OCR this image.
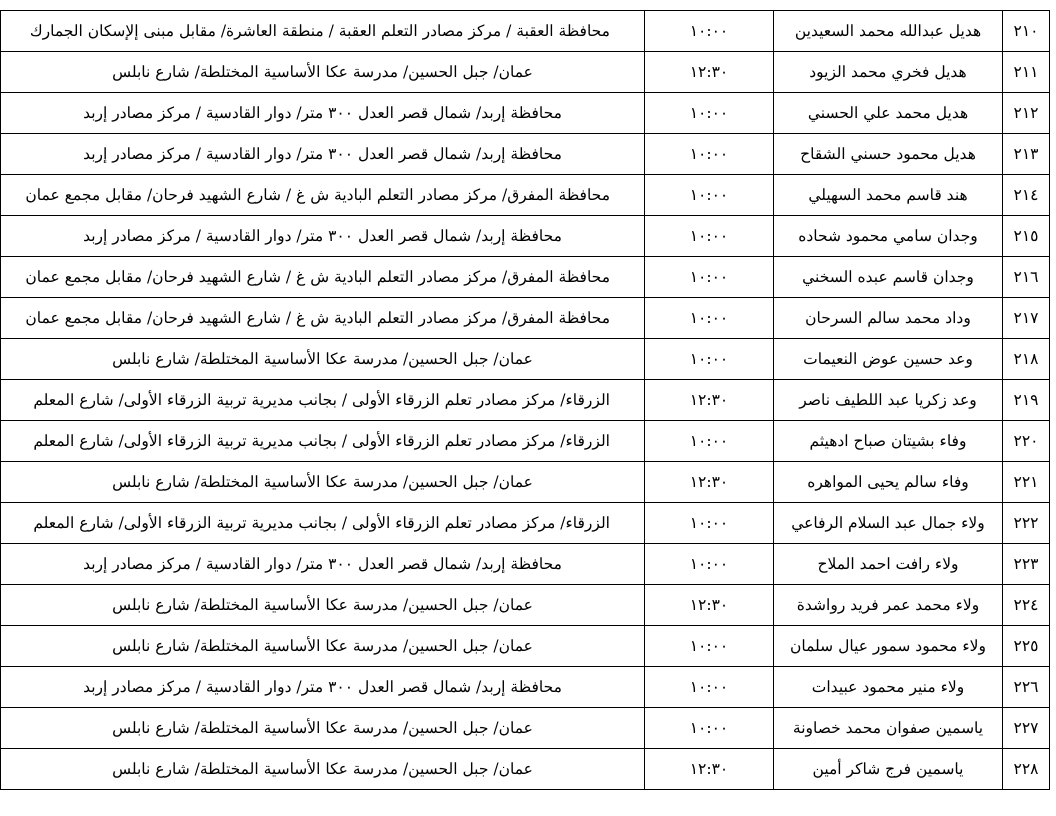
٢١٠	هديل عبدالله محمد السعيدين	١٠:٠٠	محافظة العقبة / مركز مصادر التعلم العقبة / منطقة العاشرة/ مقابل مبنى إلإسكان الجمارك
٢١١	هديل فخري محمد الزيود	١٢:٣٠	عمان/ جبل الحسين/ مدرسة عكا الأساسية المختلطة/ شارع نابلس
٢١٢	هديل محمد علي الحسني	١٠:٠٠	محافظة إربد/ شمال قصر العدل ٣٠٠ متر/ دوار القادسية / مركز مصادر إربد
٢١٣	هديل محمود حسني الشقاح	١٠:٠٠	محافظة إربد/ شمال قصر العدل ٣٠٠ متر/ دوار القادسية / مركز مصادر إربد
٢١٤	هند قاسم محمد السهيلي	١٠:٠٠	محافظة المفرق/ مركز مصادر التعلم البادية ش غ / شارع الشهيد فرحان/ مقابل مجمع عمان
٢١٥	وجدان سامي محمود شحاده	١٠:٠٠	محافظة إربد/ شمال قصر العدل ٣٠٠ متر/ دوار القادسية / مركز مصادر إربد
٢١٦	وجدان قاسم عبده السخني	١٠:٠٠	محافظة المفرق/ مركز مصادر التعلم البادية ش غ / شارع الشهيد فرحان/ مقابل مجمع عمان
٢١٧	وداد محمد سالم السرحان	١٠:٠٠	محافظة المفرق/ مركز مصادر التعلم البادية ش غ / شارع الشهيد فرحان/ مقابل مجمع عمان
٢١٨	وعد حسين عوض النعيمات	١٠:٠٠	عمان/ جبل الحسين/ مدرسة عكا الأساسية المختلطة/ شارع نابلس
٢١٩	وعد زكريا عبد اللطيف ناصر	١٢:٣٠	الزرقاء/ مركز مصادر تعلم الزرقاء الأولى / بجانب مديرية تربية الزرقاء الأولى/ شارع المعلم
٢٢٠	وفاء بشيتان صباح ادهيثم	١٠:٠٠	الزرقاء/ مركز مصادر تعلم الزرقاء الأولى / بجانب مديرية تربية الزرقاء الأولى/ شارع المعلم
٢٢١	وفاء سالم يحيى المواهره	١٢:٣٠	عمان/ جبل الحسين/ مدرسة عكا الأساسية المختلطة/ شارع نابلس
٢٢٢	ولاء جمال عبد السلام الرفاعي	١٠:٠٠	الزرقاء/ مركز مصادر تعلم الزرقاء الأولى / بجانب مديرية تربية الزرقاء الأولى/ شارع المعلم
٢٢٣	ولاء رافت احمد الملاح	١٠:٠٠	محافظة إربد/ شمال قصر العدل ٣٠٠ متر/ دوار القادسية / مركز مصادر إربد
٢٢٤	ولاء محمد عمر فريد رواشدة	١٢:٣٠	عمان/ جبل الحسين/ مدرسة عكا الأساسية المختلطة/ شارع نابلس
٢٢٥	ولاء محمود سمور عيال سلمان	١٠:٠٠	عمان/ جبل الحسين/ مدرسة عكا الأساسية المختلطة/ شارع نابلس
٢٢٦	ولاء منير محمود عبيدات	١٠:٠٠	محافظة إربد/ شمال قصر العدل ٣٠٠ متر/ دوار القادسية / مركز مصادر إربد
٢٢٧	ياسمين صفوان محمد خصاونة	١٠:٠٠	عمان/ جبل الحسين/ مدرسة عكا الأساسية المختلطة/ شارع نابلس
٢٢٨	ياسمين فرج شاكر أمين	١٢:٣٠	عمان/ جبل الحسين/ مدرسة عكا الأساسية المختلطة/ شارع نابلس
